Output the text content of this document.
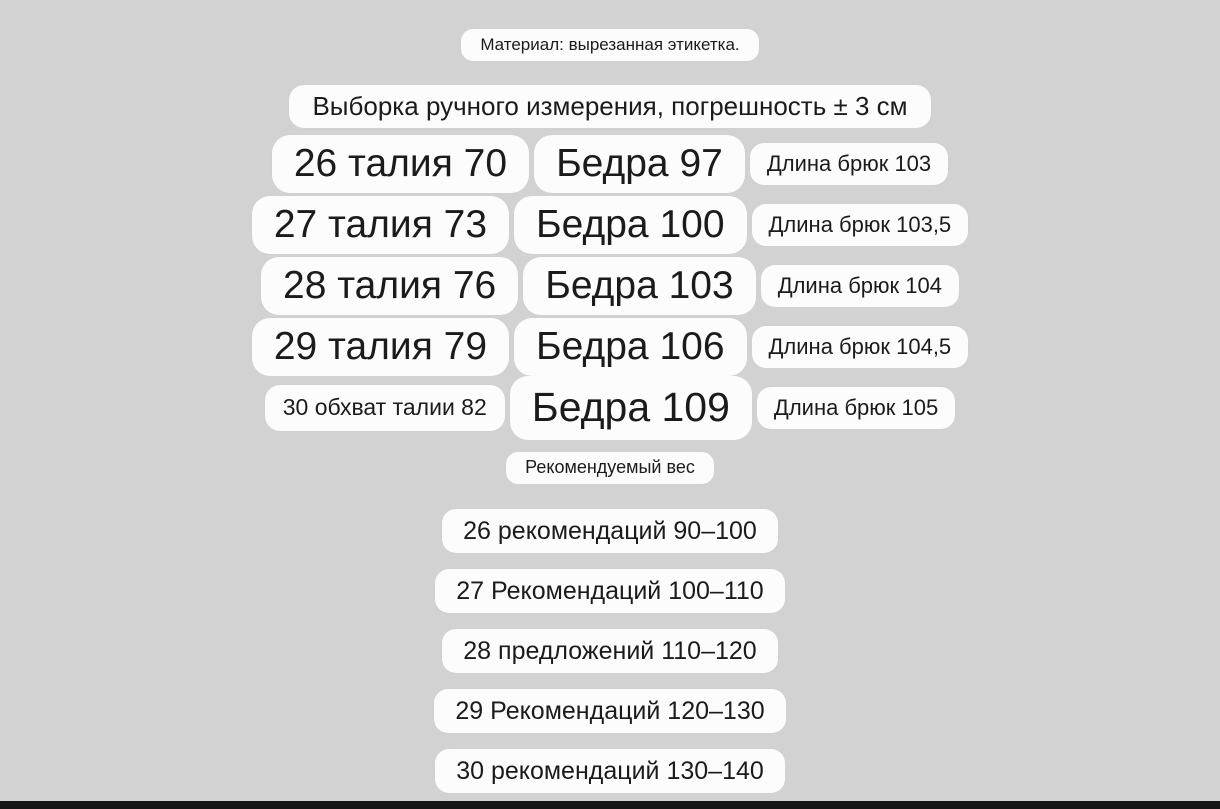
Материал: вырезанная этикетка.
Выборка ручного измерения, погрешность ± 3 см
26 талия 70 Бедра 97 Длина брюк 103
27 талия 73 Бедра 100 Длина брюк 103,5
28 талия 76 Бедра 103 Длина брюк 104
29 талия 79 Бедра 106 Длина брюк 104,5
30 обхват талии 82 Бедра 109 Длина брюк 105
Рекомендуемый вес
26 рекомендаций 90–100
27 Рекомендаций 100–110
28 предложений 110–120
29 Рекомендаций 120–130
30 рекомендаций 130–140
